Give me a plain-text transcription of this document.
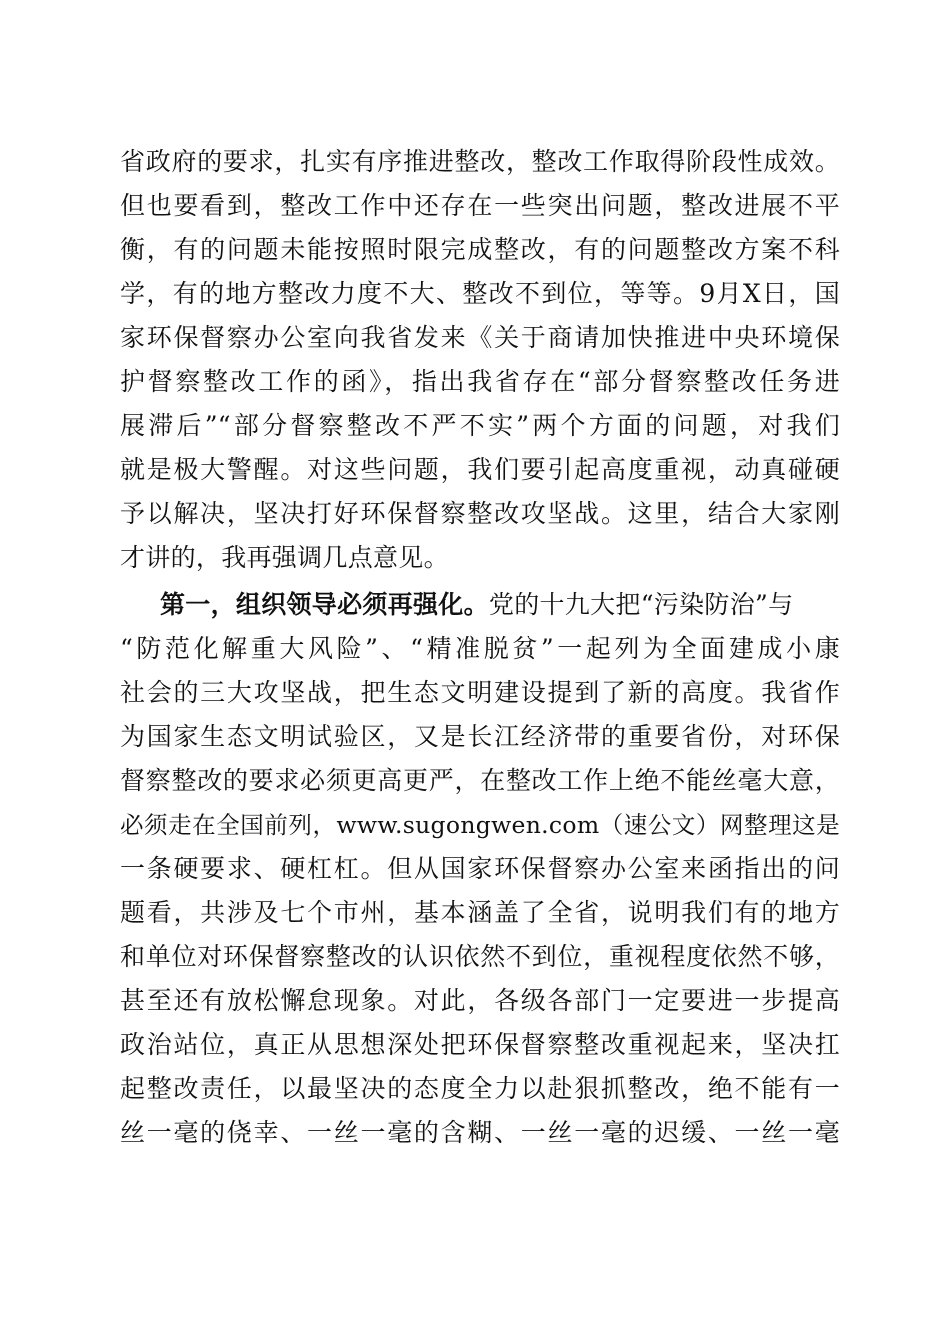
省政府的要求，扎实有序推进整改，整改工作取得阶段性成效。
但也要看到，整改工作中还存在一些突出问题，整改进展不平
衡，有的问题未能按照时限完成整改，有的问题整改方案不科
学，有的地方整改力度不大、整改不到位，等等。9月X日，国
家环保督察办公室向我省发来《关于商请加快推进中央环境保
护督察整改工作的函》，指出我省存在“部分督察整改任务进
展滞后”“部分督察整改不严不实”两个方面的问题，对我们
就是极大警醒。对这些问题，我们要引起高度重视，动真碰硬
予以解决，坚决打好环保督察整改攻坚战。这里，结合大家刚
才讲的，我再强调几点意见。
第一，组织领导必须再强化。党的十九大把“污染防治”与
“防范化解重大风险”、“精准脱贫”一起列为全面建成小康
社会的三大攻坚战，把生态文明建设提到了新的高度。我省作
为国家生态文明试验区，又是长江经济带的重要省份，对环保
督察整改的要求必须更高更严，在整改工作上绝不能丝毫大意，
必须走在全国前列，www.sugongwen.com（速公文）网整理这是
一条硬要求、硬杠杠。但从国家环保督察办公室来函指出的问
题看，共涉及七个市州，基本涵盖了全省，说明我们有的地方
和单位对环保督察整改的认识依然不到位，重视程度依然不够，
甚至还有放松懈怠现象。对此，各级各部门一定要进一步提高
政治站位，真正从思想深处把环保督察整改重视起来，坚决扛
起整改责任，以最坚决的态度全力以赴狠抓整改，绝不能有一
丝一毫的侥幸、一丝一毫的含糊、一丝一毫的迟缓、一丝一毫
